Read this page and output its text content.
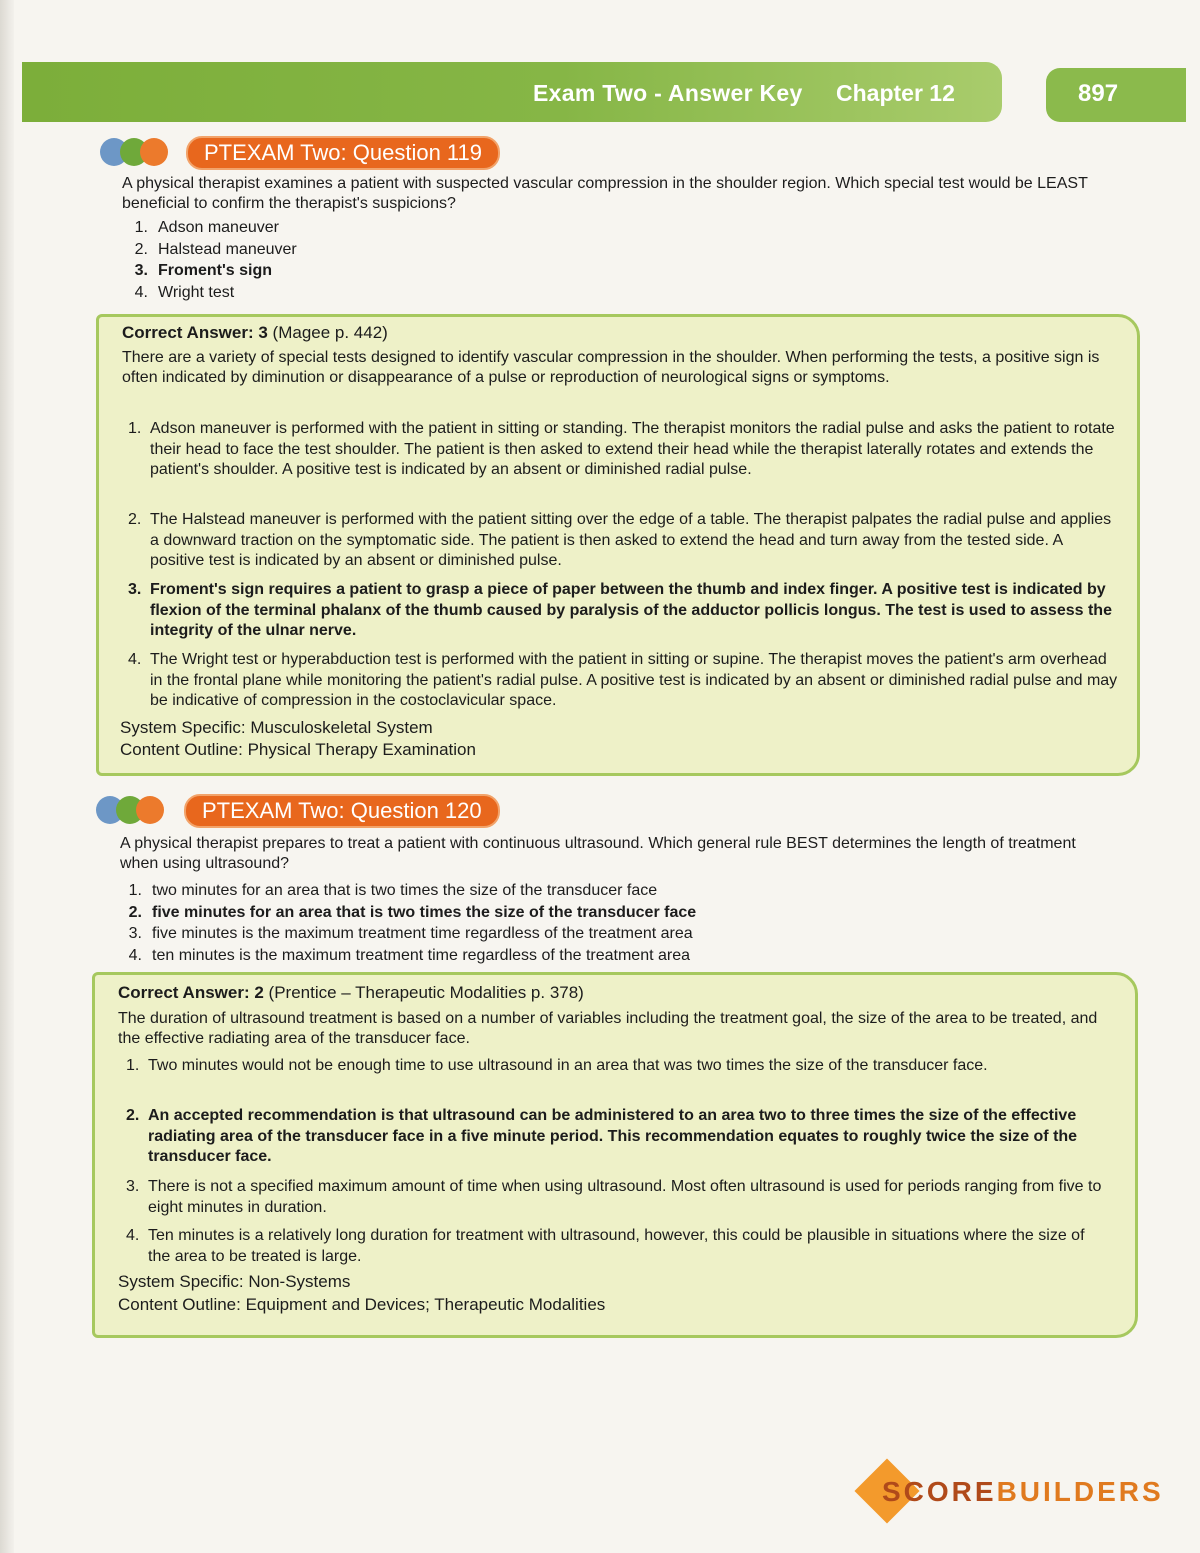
Exam Two - Answer Key Chapter 12	897
PTEXAM Two: Question 119
A physical therapist examines a patient with suspected vascular compression in the shoulder region. Which special test would be LEAST beneficial to confirm the therapist's suspicions?
1. Adson maneuver
2. Halstead maneuver
3. Froment's sign
4. Wright test
Correct Answer: 3 (Magee p. 442)
There are a variety of special tests designed to identify vascular compression in the shoulder. When performing the tests, a positive sign is often indicated by diminution or disappearance of a pulse or reproduction of neurological signs or symptoms.
1. Adson maneuver is performed with the patient in sitting or standing. The therapist monitors the radial pulse and asks the patient to rotate their head to face the test shoulder. The patient is then asked to extend their head while the therapist laterally rotates and extends the patient's shoulder. A positive test is indicated by an absent or diminished radial pulse.
2. The Halstead maneuver is performed with the patient sitting over the edge of a table. The therapist palpates the radial pulse and applies a downward traction on the symptomatic side. The patient is then asked to extend the head and turn away from the tested side. A positive test is indicated by an absent or diminished pulse.
3. Froment's sign requires a patient to grasp a piece of paper between the thumb and index finger. A positive test is indicated by flexion of the terminal phalanx of the thumb caused by paralysis of the adductor pollicis longus. The test is used to assess the integrity of the ulnar nerve.
4. The Wright test or hyperabduction test is performed with the patient in sitting or supine. The therapist moves the patient's arm overhead in the frontal plane while monitoring the patient's radial pulse. A positive test is indicated by an absent or diminished radial pulse and may be indicative of compression in the costoclavicular space.
System Specific: Musculoskeletal System
Content Outline: Physical Therapy Examination
PTEXAM Two: Question 120
A physical therapist prepares to treat a patient with continuous ultrasound. Which general rule BEST determines the length of treatment when using ultrasound?
1. two minutes for an area that is two times the size of the transducer face
2. five minutes for an area that is two times the size of the transducer face
3. five minutes is the maximum treatment time regardless of the treatment area
4. ten minutes is the maximum treatment time regardless of the treatment area
Correct Answer: 2 (Prentice – Therapeutic Modalities p. 378)
The duration of ultrasound treatment is based on a number of variables including the treatment goal, the size of the area to be treated, and the effective radiating area of the transducer face.
1. Two minutes would not be enough time to use ultrasound in an area that was two times the size of the transducer face.
2. An accepted recommendation is that ultrasound can be administered to an area two to three times the size of the effective radiating area of the transducer face in a five minute period. This recommendation equates to roughly twice the size of the transducer face.
3. There is not a specified maximum amount of time when using ultrasound. Most often ultrasound is used for periods ranging from five to eight minutes in duration.
4. Ten minutes is a relatively long duration for treatment with ultrasound, however, this could be plausible in situations where the size of the area to be treated is large.
System Specific: Non-Systems
Content Outline: Equipment and Devices; Therapeutic Modalities
SCOREBUILDERS
